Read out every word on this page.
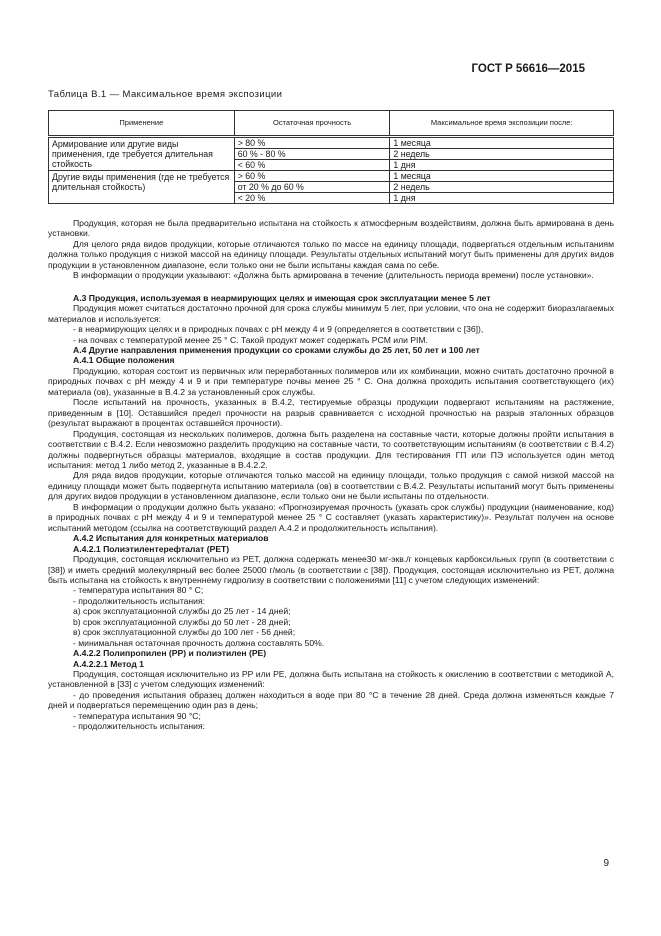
ГОСТ Р 56616—2015
Таблица В.1 — Максимальное время экспозиции
Применение	Остаточная прочность	Максимальное время экспозиции после:
Армирование или другие виды применения, где требуется длительная стойкость	> 80 %	1 месяца
	60 % - 80 %	2 недель
	< 60 %	1 дня
Другие виды применения (где не требуется длительная стойкость)	> 60 %	1 месяца
	от 20 % до 60 %	2 недель
	< 20 %	1 дня

Продукция, которая не была предварительно испытана на стойкость к атмосферным воздействиям, должна быть армирована в день установки.

Для целого ряда видов продукции, которые отличаются только по массе на единицу площади, подвергаться отдельным испытаниям должна только продукция с низкой массой на единицу площади. Результаты отдельных испытаний могут быть применены для других видов продукции в установленном диапазоне, если только они не были испытаны каждая сама по себе.

В информации о продукции указывают: «Должна быть армирована в течение (длительность периода времени) после установки».

А.3 Продукция, используемая в неармирующих целях и имеющая срок эксплуатации менее 5 лет

Продукция может считаться достаточно прочной для срока службы минимум 5 лет, при условии, что она не содержит биоразлагаемых материалов и используется:

- в неармирующих целях и в природных почвах с pH между 4 и 9 (определяется в соответствии с [36]),

- на почвах с температурой менее 25 ° С. Такой продукт может содержать PCM или PIM.

А.4 Другие направления применения продукции со сроками службы до 25 лет, 50 лет и 100 лет

А.4.1 Общие положения

Продукцию, которая состоит из первичных или переработанных полимеров или их комбинации, можно считать достаточно прочной в природных почвах с pH между 4 и 9 и при температуре почвы менее 25 ° С. Она должна проходить испытания соответствующего (их) материала (ов), указанные в В.4.2 за установленный срок службы.

После испытаний на прочность, указанных в В.4.2, тестируемые образцы продукции подвергают испытаниям на растяжение, приведенным в [10]. Оставшийся предел прочности на разрыв сравнивается с исходной прочностью на разрыв эталонных образцов (результат выражают в процентах оставшейся прочности).

Продукция, состоящая из нескольких полимеров, должна быть разделена на составные части, которые должны пройти испытания в соответствии с В.4.2. Если невозможно разделить продукцию на составные части, то соответствующим испытаниям (в соответствии с В.4.2) должны подвергнуться образцы материалов, входящие в состав продукции. Для тестирования ГП или ПЭ используется один метод испытания: метод 1 либо метод 2, указанные в В.4.2.2.

Для ряда видов продукции, которые отличаются только массой на единицу площади, только продукция с самой низкой массой на единицу площади может быть подвергнута испытанию материала (ов) в соответствии с В.4.2. Результаты испытаний могут быть применены для других видов продукции в установленном диапазоне, если только они не были испытаны по отдельности.

В информации о продукции должно быть указано: «Прогнозируемая прочность (указать срок службы) продукции (наименование, код) в природных почвах с pH между 4 и 9 и температурой менее 25 ° С составляет (указать характеристику)». Результат получен на основе испытаний методом (ссылка на соответствующий раздел А.4.2 и продолжительность испытания).

А.4.2 Испытания для конкретных материалов

А.4.2.1 Полиэтилентерефталат (PET)

Продукция, состоящая исключительно из PET, должна содержать менее30 мг-экв./г концевых карбоксильных групп (в соответствии с [38]) и иметь средний молекулярный вес более 25000 г/моль (в соответствии с [38]). Продукция, состоящая исключительно из PET, должна быть испытана на стойкость к внутреннему гидролизу в соответствии с положениями [11] с учетом следующих изменений:

- температура испытания 80 ° С;

- продолжительность испытания:

а) срок эксплуатационной службы до 25 лет - 14 дней;

b) срок эксплуатационной службы до 50 лет - 28 дней;

в) срок эксплуатационной службы до 100 лет - 56 дней;

- минимальная остаточная прочность должна составлять 50%.

А.4.2.2 Полипропилен (PP) и полиэтилен (PE)

А.4.2.2.1 Метод 1

Продукция, состоящая исключительно из PP или PE, должна быть испытана на стойкость к окислению в соответствии с методикой А, установленной в [33] с учетом следующих изменений:

- до проведения испытания образец должен находиться в воде при 80 °С в течение 28 дней. Среда должна изменяться каждые 7 дней и подвергаться перемещению один раз в день;

- температура испытания 90 °С;

- продолжительность испытания:

9
